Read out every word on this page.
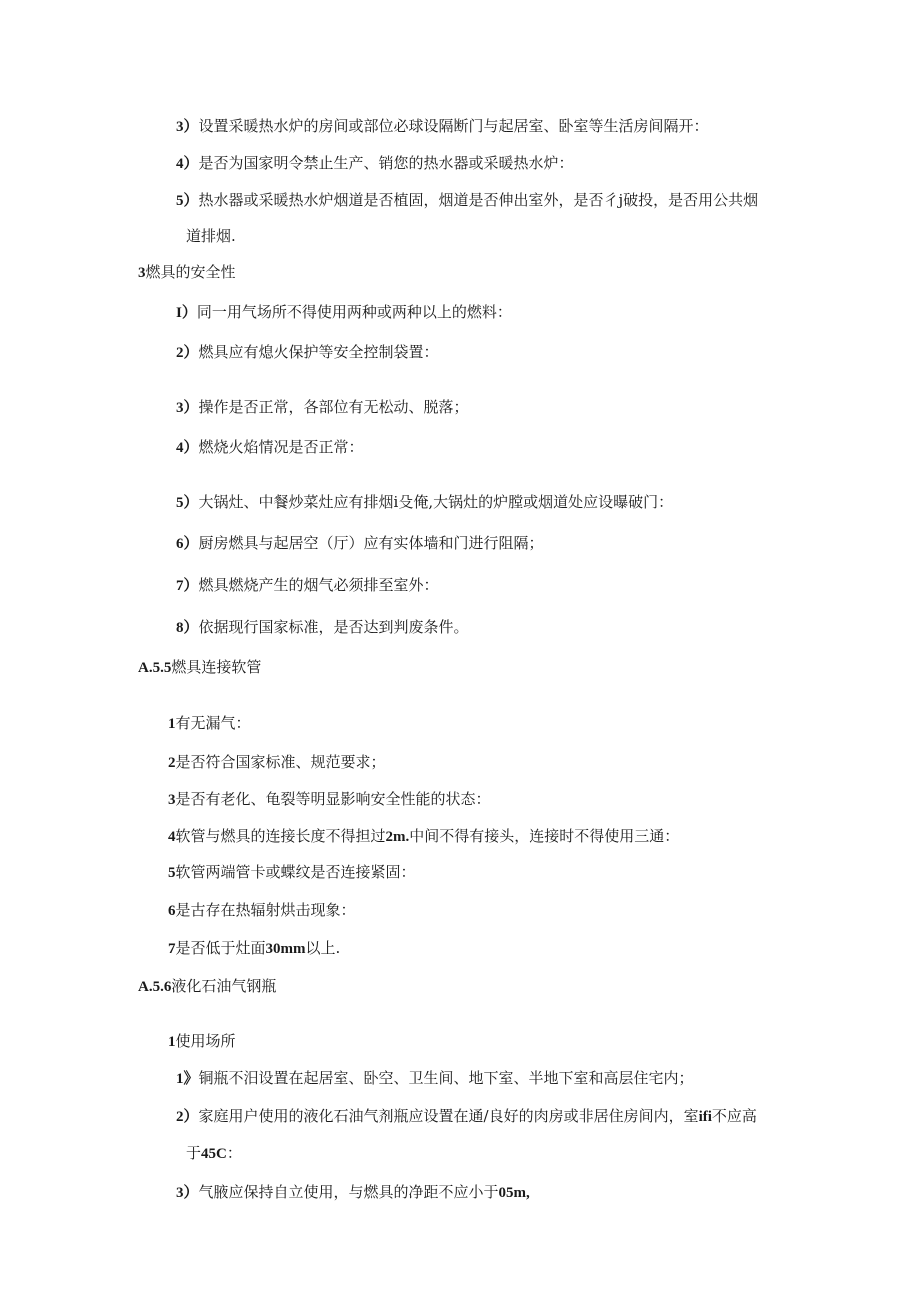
3）设置采暖热水炉的房间或部位必球设隔断门与起居室、卧室等生活房间隔开：
4）是否为国家明令禁止生产、销您的热水器或采暖热水炉：
5）热水器或采暖热水炉烟道是否植固，烟道是否伸出室外，是否彳j破投，是否用公共烟
道排烟.
3燃具的安全性
I）同一用气场所不得使用两种或两种以上的燃料：
2）燃具应有熄火保护等安全控制袋置：
3）操作是否正常，各部位有无松动、脱落；
4）燃烧火焰情况是否正常：
5）大锅灶、中餐炒菜灶应有排烟i殳俺,大锅灶的炉膛或烟道处应设曝破门：
6）厨房燃具与起居空（厅）应有实体墙和门进行阻隔；
7）燃具燃烧产生的烟气必须排至室外：
8）依据现行国家标准，是否达到判废条件。
A.5.5燃具连接软管
1有无漏气：
2是否符合国家标准、规范要求；
3是否有老化、龟裂等明显影响安全性能的状态：
4软管与燃具的连接长度不得担过2m.中间不得有接头，连接时不得使用三通：
5软管两端管卡或蝶纹是否连接紧固：
6是古存在热辐射烘击现象：
7是否低于灶面30mm以上.
A.5.6液化石油气钢瓶
1使用场所
1》铜瓶不汨设置在起居室、卧空、卫生间、地下室、半地下室和高层住宅内；
2）家庭用户使用的液化石油气剂瓶应设置在通/良好的肉房或非居住房间内，室ifi不应高
于45C：
3）气腋应保持自立使用，与燃具的净距不应小于05m,
